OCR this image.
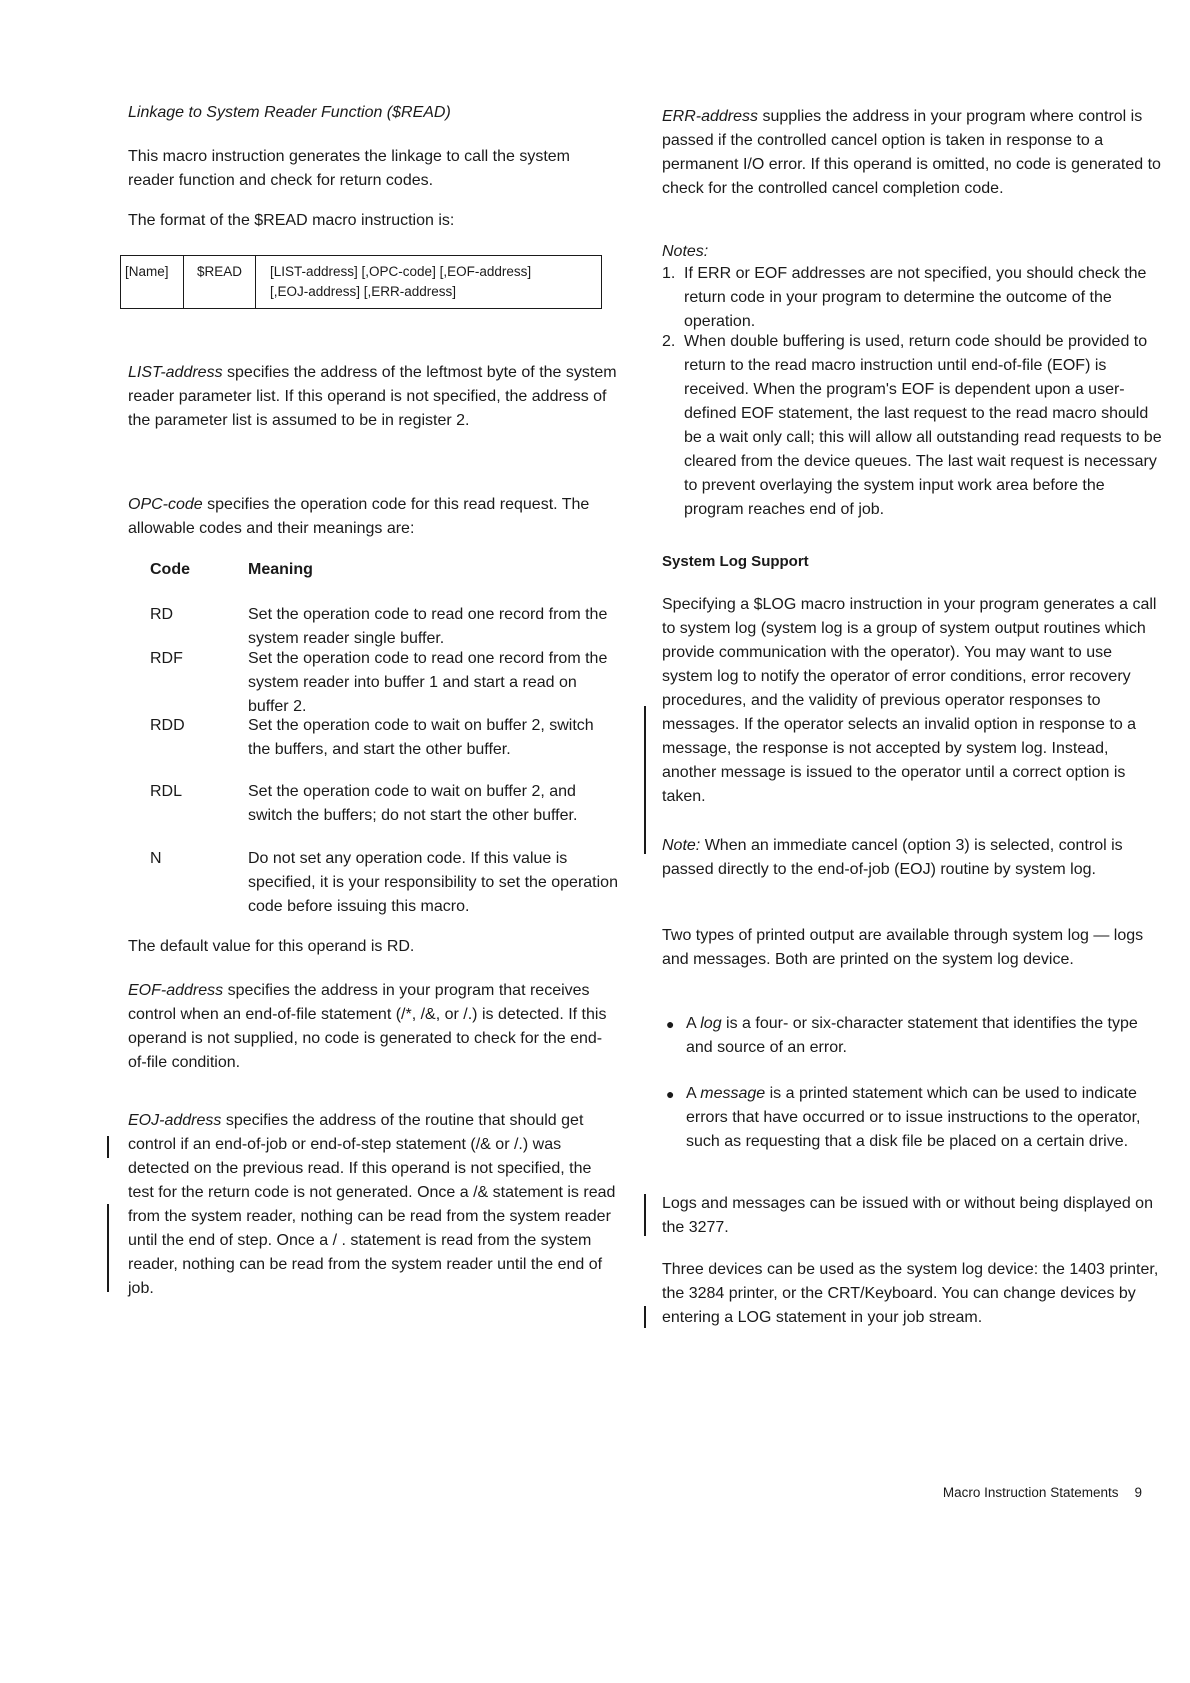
Linkage to System Reader Function ($READ)

This macro instruction generates the linkage to call the system reader function and check for return codes.

The format of the $READ macro instruction is:

[Name]	$READ	[LIST-address] [,OPC-code] [,EOF-address]
[,EOJ-address] [,ERR-address]

LIST-address specifies the address of the leftmost byte of the system reader parameter list. If this operand is not specified, the address of the parameter list is assumed to be in register 2.

OPC-code specifies the operation code for this read request. The allowable codes and their meanings are:

Code	Meaning
RD	Set the operation code to read one record from the system reader single buffer.
RDF	Set the operation code to read one record from the system reader into buffer 1 and start a read on buffer 2.
RDD	Set the operation code to wait on buffer 2, switch the buffers, and start the other buffer.
RDL	Set the operation code to wait on buffer 2, and switch the buffers; do not start the other buffer.
N	Do not set any operation code. If this value is specified, it is your responsibility to set the operation code before issuing this macro.

The default value for this operand is RD.

EOF-address specifies the address in your program that receives control when an end-of-file statement (/*, /&, or /.) is detected. If this operand is not supplied, no code is generated to check for the end-of-file condition.

EOJ-address specifies the address of the routine that should get control if an end-of-job or end-of-step statement (/& or /.) was detected on the previous read. If this operand is not specified, the test for the return code is not generated. Once a /& statement is read from the system reader, nothing can be read from the system reader until the end of step. Once a / . statement is read from the system reader, nothing can be read from the system reader until the end of job.

ERR-address supplies the address in your program where control is passed if the controlled cancel option is taken in response to a permanent I/O error. If this operand is omitted, no code is generated to check for the controlled cancel completion code.

Notes:

1. If ERR or EOF addresses are not specified, you should check the return code in your program to determine the outcome of the operation.
2. When double buffering is used, return code should be provided to return to the read macro instruction until end-of-file (EOF) is received. When the program's EOF is dependent upon a user-defined EOF statement, the last request to the read macro should be a wait only call; this will allow all outstanding read requests to be cleared from the device queues. The last wait request is necessary to prevent overlaying the system input work area before the program reaches end of job.

System Log Support

Specifying a $LOG macro instruction in your program generates a call to system log (system log is a group of system output routines which provide communication with the operator). You may want to use system log to notify the operator of error conditions, error recovery procedures, and the validity of previous operator responses to messages. If the operator selects an invalid option in response to a message, the response is not accepted by system log. Instead, another message is issued to the operator until a correct option is taken.

Note: When an immediate cancel (option 3) is selected, control is passed directly to the end-of-job (EOJ) routine by system log.

Two types of printed output are available through system log — logs and messages. Both are printed on the system log device.

● A log is a four- or six-character statement that identifies the type and source of an error.
● A message is a printed statement which can be used to indicate errors that have occurred or to issue instructions to the operator, such as requesting that a disk file be placed on a certain drive.

Logs and messages can be issued with or without being displayed on the 3277.

Three devices can be used as the system log device: the 1403 printer, the 3284 printer, or the CRT/Keyboard. You can change devices by entering a LOG statement in your job stream.

Macro Instruction Statements 9
